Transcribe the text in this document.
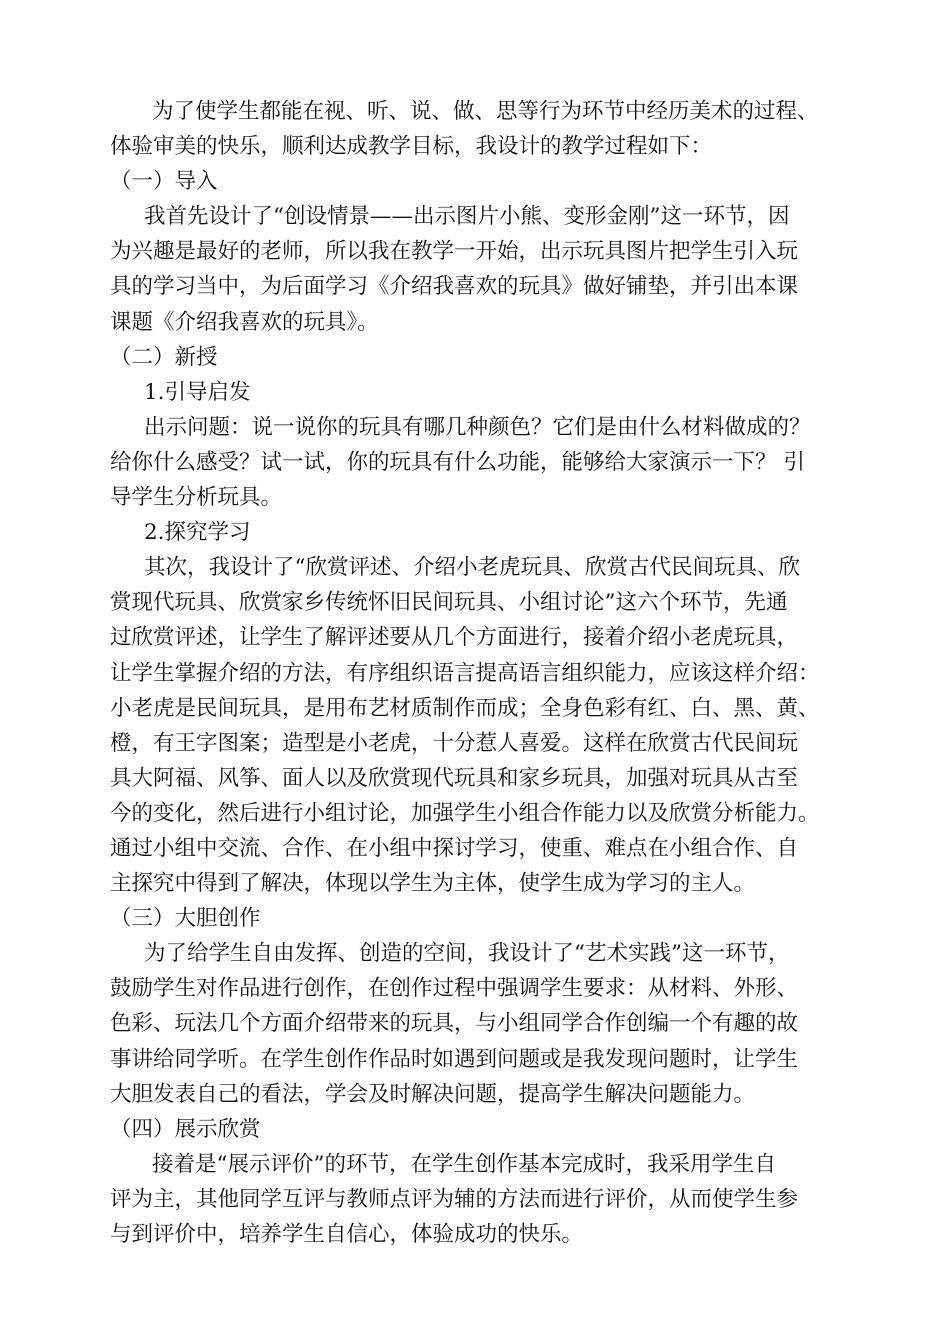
为了使学生都能在视、听、说、做、思等行为环节中经历美术的过程、
体验审美的快乐，顺利达成教学目标，我设计的教学过程如下：
（一）导入
我首先设计了“创设情景——出示图片小熊、变形金刚”这一环节，因
为兴趣是最好的老师，所以我在教学一开始，出示玩具图片把学生引入玩
具的学习当中，为后面学习《介绍我喜欢的玩具》做好铺垫，并引出本课
课题《介绍我喜欢的玩具》。
（二）新授
1.引导启发
出示问题：说一说你的玩具有哪几种颜色？它们是由什么材料做成的？
给你什么感受？试一试，你的玩具有什么功能，能够给大家演示一下？ 引
导学生分析玩具。
2.探究学习
其次，我设计了“欣赏评述、介绍小老虎玩具、欣赏古代民间玩具、欣
赏现代玩具、欣赏家乡传统怀旧民间玩具、小组讨论”这六个环节，先通
过欣赏评述，让学生了解评述要从几个方面进行，接着介绍小老虎玩具，
让学生掌握介绍的方法，有序组织语言提高语言组织能力，应该这样介绍：
小老虎是民间玩具，是用布艺材质制作而成；全身色彩有红、白、黑、黄、
橙，有王字图案；造型是小老虎，十分惹人喜爱。这样在欣赏古代民间玩
具大阿福、风筝、面人以及欣赏现代玩具和家乡玩具，加强对玩具从古至
今的变化，然后进行小组讨论，加强学生小组合作能力以及欣赏分析能力。
通过小组中交流、合作、在小组中探讨学习，使重、难点在小组合作、自
主探究中得到了解决，体现以学生为主体，使学生成为学习的主人。
（三）大胆创作
为了给学生自由发挥、创造的空间，我设计了“艺术实践”这一环节，
鼓励学生对作品进行创作，在创作过程中强调学生要求：从材料、外形、
色彩、玩法几个方面介绍带来的玩具，与小组同学合作创编一个有趣的故
事讲给同学听。在学生创作作品时如遇到问题或是我发现问题时，让学生
大胆发表自己的看法，学会及时解决问题，提高学生解决问题能力。
（四）展示欣赏
接着是“展示评价”的环节，在学生创作基本完成时，我采用学生自
评为主，其他同学互评与教师点评为辅的方法而进行评价，从而使学生参
与到评价中，培养学生自信心，体验成功的快乐。
